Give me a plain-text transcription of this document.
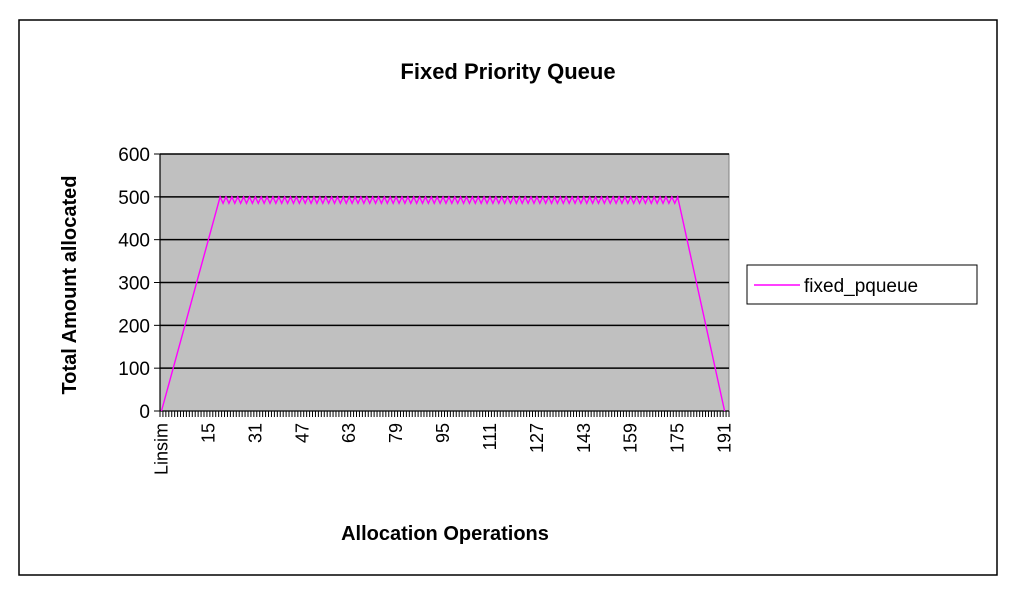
Fixed Priority Queue
0
100
200
300
400
500
600
Linsim 15 31 47 63 79 95 111 127 143 159 175 191
Total Amount allocated
Allocation Operations
fixed_pqueue
